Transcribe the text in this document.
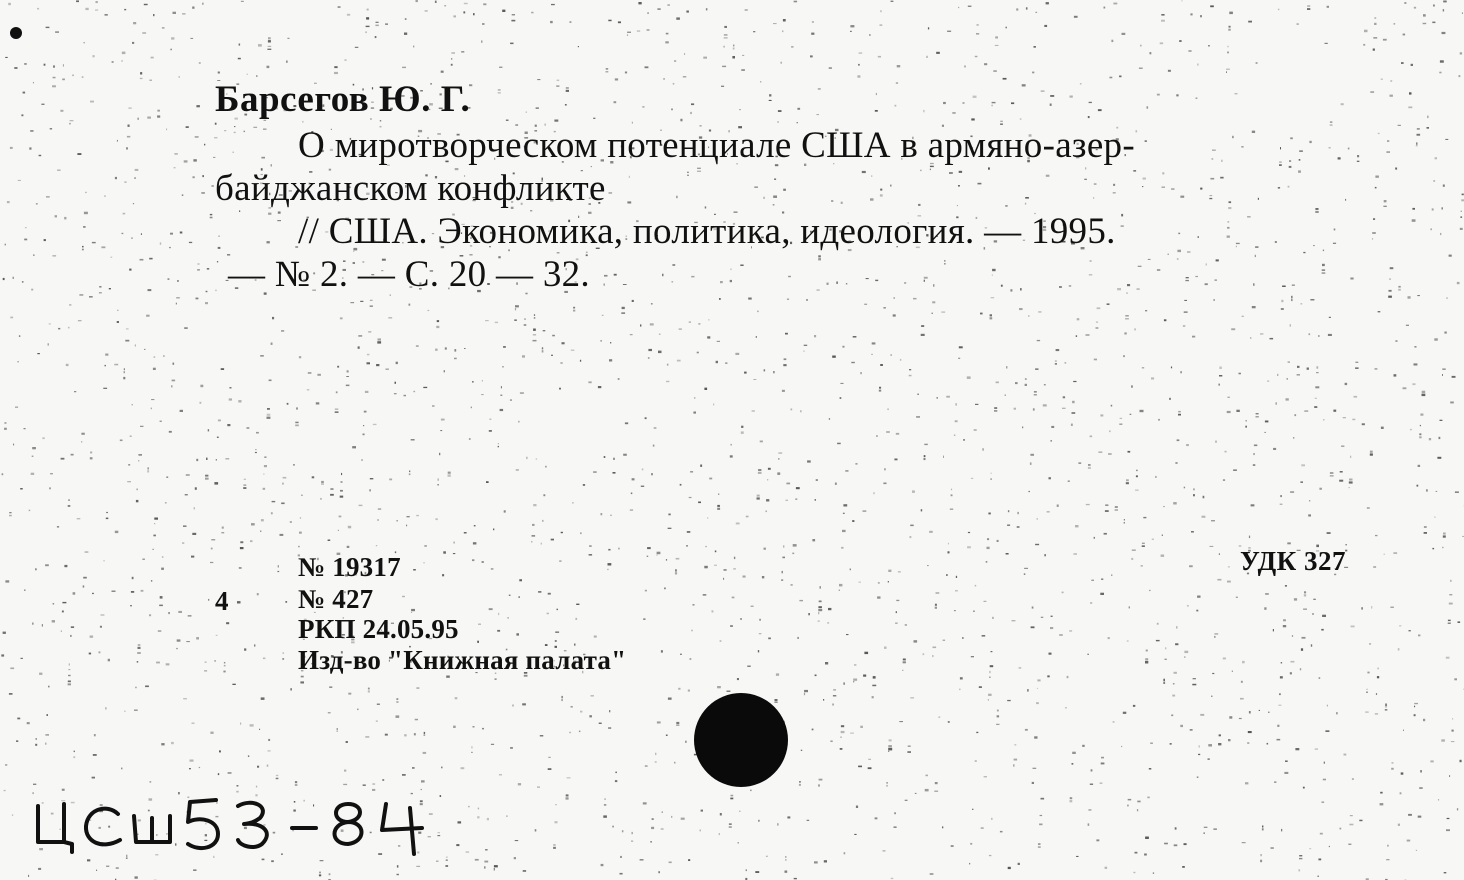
Барсегов Ю. Г.
О миротворческом потенциале США в армяно-азер-
байджанском конфликте
// США. Экономика, политика, идеология. — 1995.
— № 2. — С. 20 — 32.
4
№ 19317
№ 427
РКП 24.05.95
Изд-во "Книжная палата"
УДК 327
